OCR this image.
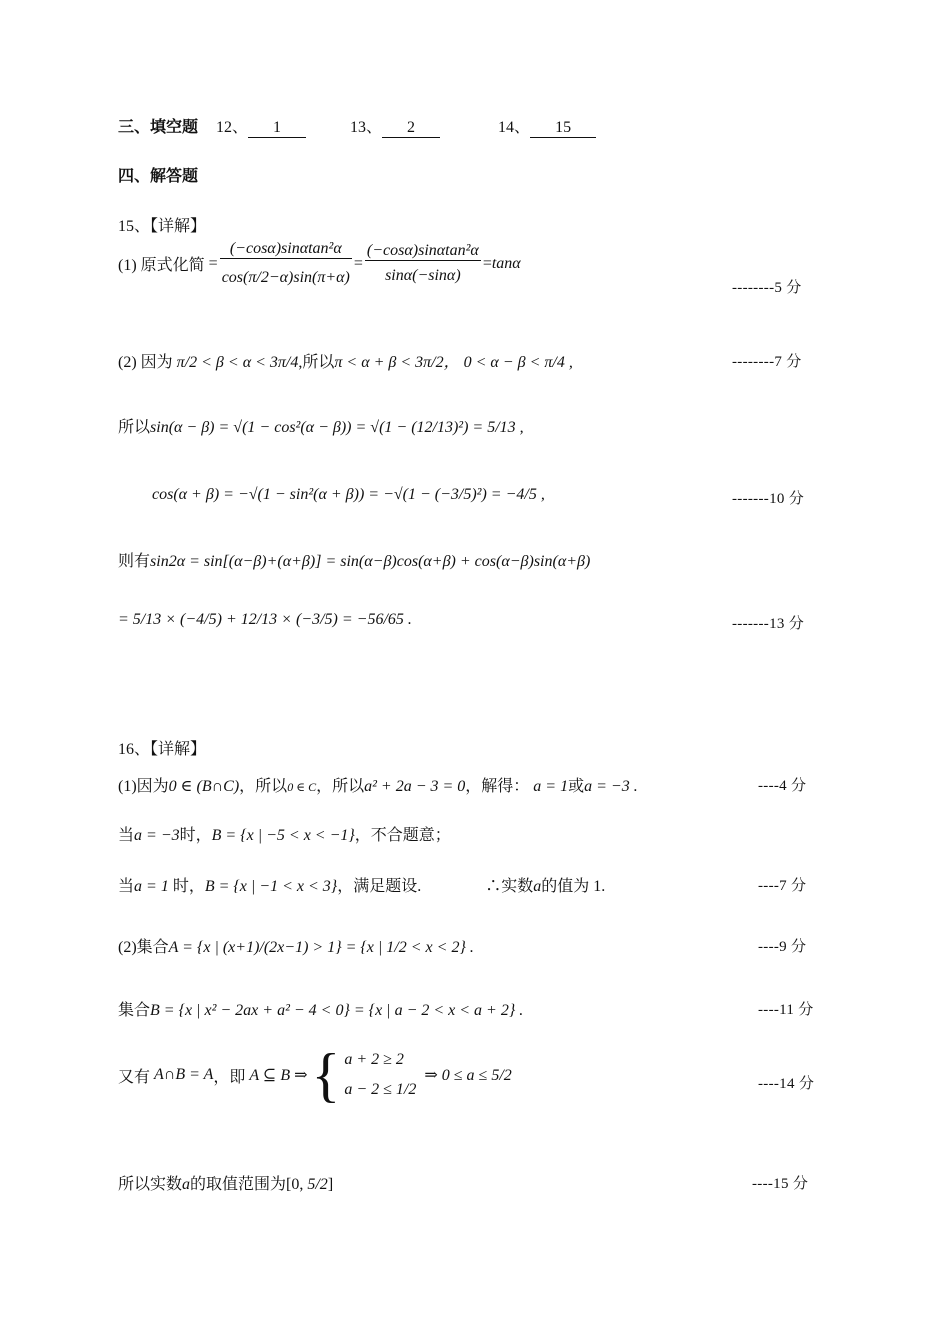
三、填空题 12、 1	13、 2	14、 15
四、解答题
15、【详解】
(1) 原式化简 = $\frac{\text{(−cosα)sinαtan²α}}{\cos(\pi/2-\alpha)\sin(\pi+\alpha)} = \frac{\text{(−cosα)sinαtan²α}}{\sin\alpha(-\sin\alpha)} = \tan\alpha$
--------5 分
(2) 因为 π/2 < β < α < 3π/4,所以π < α + β < 3π/2， 0 < α − β < π/4 ,	--------7 分
所以sin(α − β) = √(1 − cos²(α − β)) = √(1 − (12/13)²) = 5/13 ,
cos(α + β) = −√(1 − sin²(α + β)) = −√(1 − (−3/5)²) = −4/5 ,	-------10 分
则有sin2α = sin[(α−β)+(α+β)] = sin(α−β)cos(α+β) + cos(α−β)sin(α+β)
= 5/13 × (−4/5) + 12/13 × (−3/5) = −56/65 .	-------13 分
16、【详解】
(1)因为0 ∈ (B∩C)，所以0 ∈ C，所以a² + 2a − 3 = 0，解得： a = 1或a = −3 .	----4 分
当a = −3时，B = {x | −5 < x < −1}，不合题意；
当a = 1 时，B = {x | −1 < x < 3}，满足题设.	∴实数a的值为 1.	----7 分
(2)集合A = {x | (x+1)/(2x−1) > 1} = {x | 1/2 < x < 2} .	----9 分
集合B = {x | x² − 2ax + a² − 4 < 0} = {x | a − 2 < x < a + 2} .	----11 分
又有 A∩B = A ，即 A ⊆ B ⇒ { a + 2 ≥ 2
a − 2 ≤ 1/2
⇒ 0 ≤ a ≤ 5/2	----14 分
所以实数a的取值范围为[0, 5/2]	----15 分
